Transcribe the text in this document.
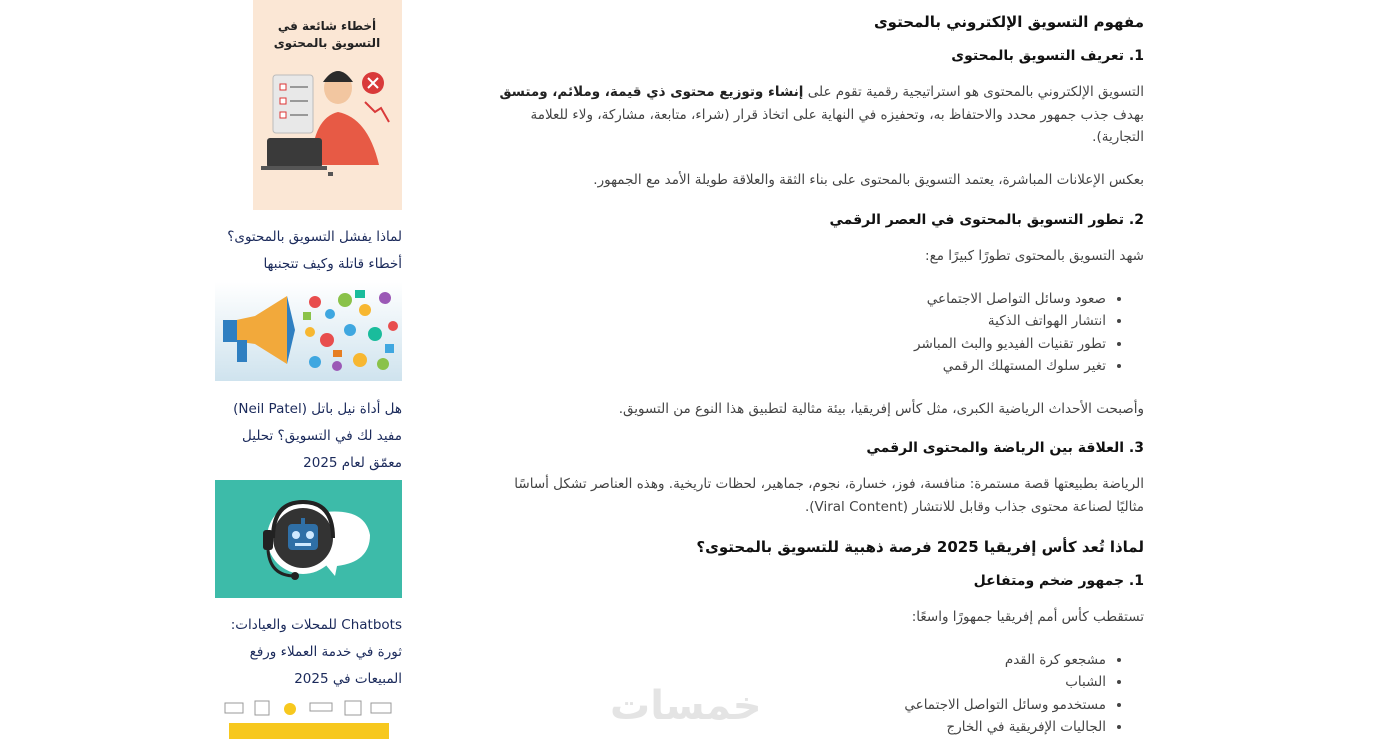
مفهوم التسويق الإلكتروني بالمحتوى
1. تعريف التسويق بالمحتوى

التسويق الإلكتروني بالمحتوى هو استراتيجية رقمية تقوم على إنشاء وتوزيع محتوى ذي قيمة، وملائم، ومتسق بهدف جذب جمهور محدد والاحتفاظ به، وتحفيزه في النهاية على اتخاذ قرار (شراء، متابعة، مشاركة، ولاء للعلامة التجارية).

بعكس الإعلانات المباشرة، يعتمد التسويق بالمحتوى على بناء الثقة والعلاقة طويلة الأمد مع الجمهور.

2. تطور التسويق بالمحتوى في العصر الرقمي

شهد التسويق بالمحتوى تطورًا كبيرًا مع:

• صعود وسائل التواصل الاجتماعي
• انتشار الهواتف الذكية
• تطور تقنيات الفيديو والبث المباشر
• تغير سلوك المستهلك الرقمي

وأصبحت الأحداث الرياضية الكبرى، مثل كأس إفريقيا، بيئة مثالية لتطبيق هذا النوع من التسويق.

3. العلاقة بين الرياضة والمحتوى الرقمي

الرياضة بطبيعتها قصة مستمرة: منافسة، فوز، خسارة، نجوم، جماهير، لحظات تاريخية. وهذه العناصر تشكل أساسًا مثاليًا لصناعة محتوى جذاب وقابل للانتشار (Viral Content).

لماذا تُعد كأس إفريقيا 2025 فرصة ذهبية للتسويق بالمحتوى؟
1. جمهور ضخم ومتفاعل

تستقطب كأس أمم إفريقيا جمهورًا واسعًا:

• مشجعو كرة القدم
• الشباب
• مستخدمو وسائل التواصل الاجتماعي
• الجاليات الإفريقية في الخارج
أخطاء شائعة في
التسويق بالمحتوى
لماذا يفشل التسويق بالمحتوى؟
أخطاء قاتلة وكيف تتجنبها
هل أداة نيل باتل (Neil Patel)
مفيد لك في التسويق؟ تحليل
معمّق لعام 2025
Chatbots للمحلات والعيادات:
ثورة في خدمة العملاء ورفع
المبيعات في 2025
خمسات
